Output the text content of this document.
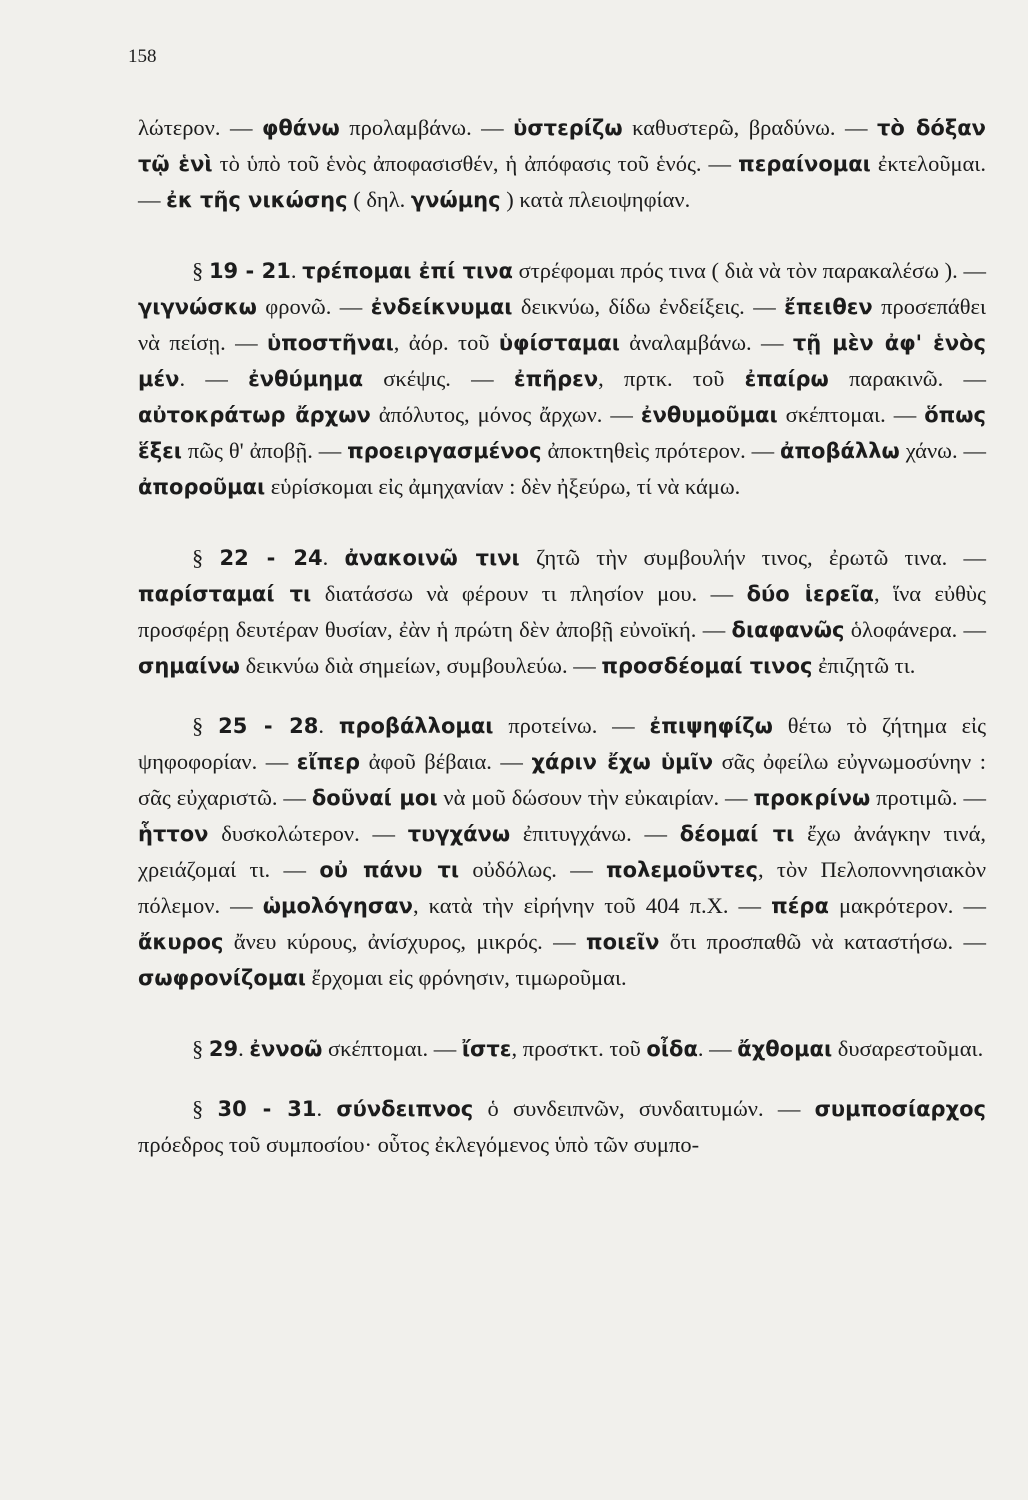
158

λώτερον. — φθάνω προλαμβάνω. — ὑστερίζω καθυστερῶ, βραδύνω. — τὸ δόξαν τῷ ἑνὶ τὸ ὑπὸ τοῦ ἑνὸς ἀποφασισθέν, ἡ ἀπόφασις τοῦ ἑνός. — περαίνομαι ἐκτελοῦμαι. — ἐκ τῆς νικώσης ( δηλ. γνώμης ) κατὰ πλειοψηφίαν.

§ 19 - 21. τρέπομαι ἐπί τινα στρέφομαι πρός τινα ( διὰ νὰ τὸν παρακαλέσω ). — γιγνώσκω φρονῶ. — ἐνδείκνυμαι δεικνύω, δίδω ἐνδείξεις. — ἔπειθεν προσεπάθει νὰ πείσῃ. — ὑποστῆναι, ἀόρ. τοῦ ὑφίσταμαι ἀναλαμβάνω. — τῇ μὲν ἀφ' ἑνὸς μέν. — ἐνθύμημα σκέψις. — ἐπῆρεν, πρτκ. τοῦ ἐπαίρω παρακινῶ. — αὐτοκράτωρ ἄρχων ἀπόλυτος, μόνος ἄρχων. — ἐνθυμοῦμαι σκέπτομαι. — ὅπως ἕξει πῶς θ' ἀποβῇ. — προειργασμένος ἀποκτηθεὶς πρότερον. — ἀποβάλλω χάνω. — ἀποροῦμαι εὑρίσκομαι εἰς ἀμηχανίαν : δὲν ἠξεύρω, τί νὰ κάμω.

§ 22 - 24. ἀνακοινῶ τινι ζητῶ τὴν συμβουλήν τινος, ἐρωτῶ τινα. — παρίσταμαί τι διατάσσω νὰ φέρουν τι πλησίον μου. — δύο ἱερεῖα, ἵνα εὐθὺς προσφέρῃ δευτέραν θυσίαν, ἐὰν ἡ πρώτη δὲν ἀποβῇ εὐνοϊκή. — διαφανῶς ὁλοφάνερα. — σημαίνω δεικνύω διὰ σημείων, συμβουλεύω. — προσδέομαί τινος ἐπιζητῶ τι.

§ 25 - 28. προβάλλομαι προτείνω. — ἐπιψηφίζω θέτω τὸ ζήτημα εἰς ψηφοφορίαν. — εἴπερ ἀφοῦ βέβαια. — χάριν ἔχω ὑμῖν σᾶς ὀφείλω εὐγνωμοσύνην : σᾶς εὐχαριστῶ. — δοῦναί μοι νὰ μοῦ δώσουν τὴν εὐκαιρίαν. — προκρίνω προτιμῶ. — ἧττον δυσκολώτερον. — τυγχάνω ἐπιτυγχάνω. — δέομαί τι ἔχω ἀνάγκην τινά, χρειάζομαί τι. — οὐ πάνυ τι οὐδόλως. — πολεμοῦντες, τὸν Πελοποννησιακὸν πόλεμον. — ὡμολόγησαν, κατὰ τὴν εἰρήνην τοῦ 404 π.Χ. — πέρα μακρότερον. — ἄκυρος ἄνευ κύρους, ἀνίσχυρος, μικρός. — ποιεῖν ὅτι προσπαθῶ νὰ καταστήσω. — σωφρονίζομαι ἔρχομαι εἰς φρόνησιν, τιμωροῦμαι.

§ 29. ἐννοῶ σκέπτομαι. — ἴστε, προστκτ. τοῦ οἶδα. — ἄχθομαι δυσαρεστοῦμαι.

§ 30 - 31. σύνδειπνος ὁ συνδειπνῶν, συνδαιτυμών. — συμποσίαρχος πρόεδρος τοῦ συμποσίου· οὗτος ἐκλεγόμενος ὑπὸ τῶν συμπο-
